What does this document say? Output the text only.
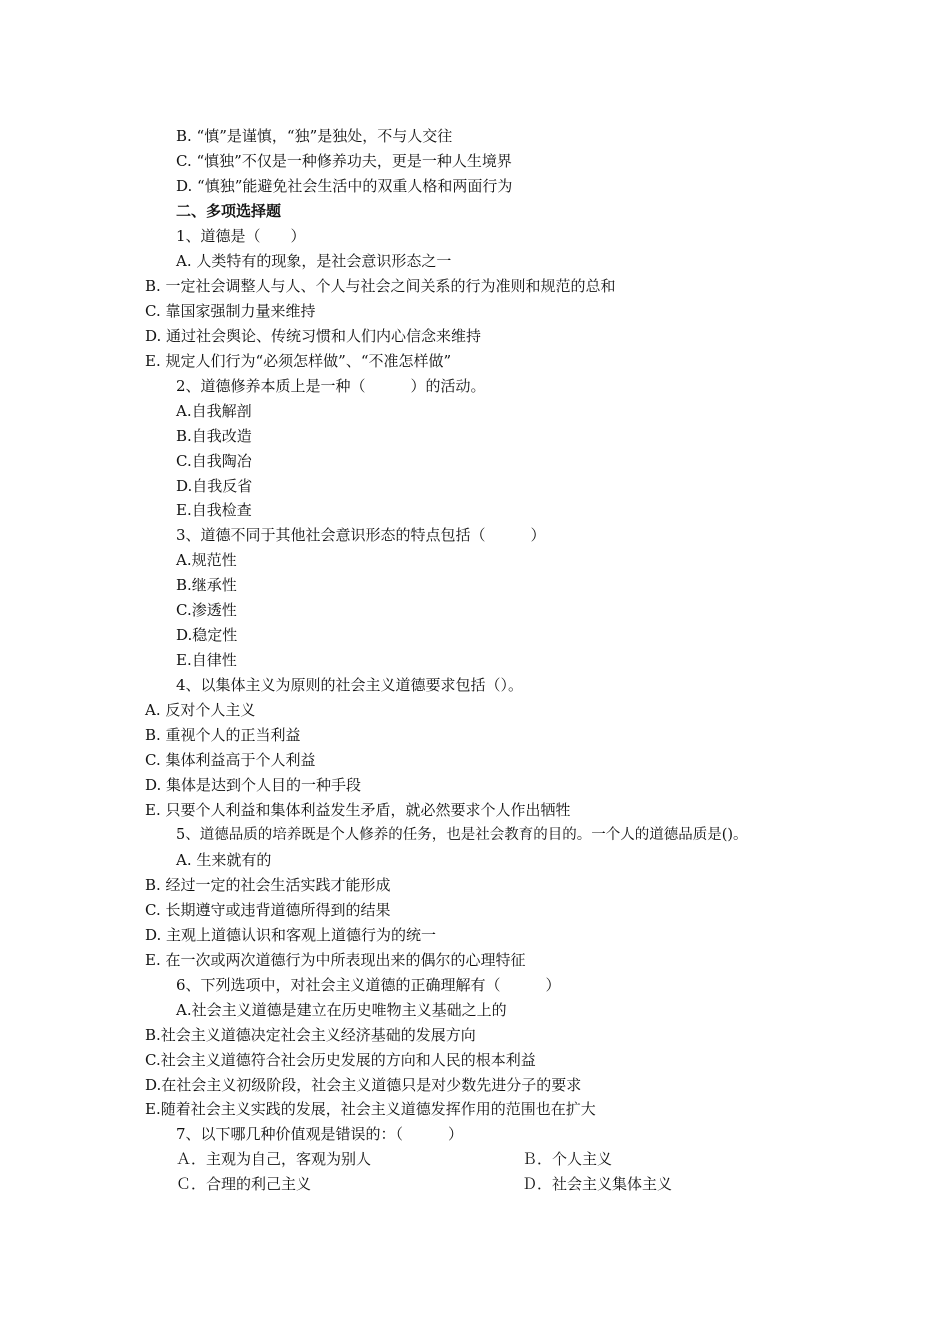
B. “慎”是谨慎，“独”是独处，不与人交往
C. “慎独”不仅是一种修养功夫，更是一种人生境界
D. “慎独”能避免社会生活中的双重人格和两面行为
二、多项选择题
1、道德是（　　）
A. 人类特有的现象，是社会意识形态之一
B. 一定社会调整人与人、个人与社会之间关系的行为准则和规范的总和
C. 靠国家强制力量来维持
D. 通过社会舆论、传统习惯和人们内心信念来维持
E. 规定人们行为“必须怎样做”、“不准怎样做”
2、道德修养本质上是一种（　　　）的活动。
A.自我解剖
B.自我改造
C.自我陶冶
D.自我反省
E.自我检查
3、道德不同于其他社会意识形态的特点包括（　　　）
A.规范性
B.继承性
C.渗透性
D.稳定性
E.自律性
4、以集体主义为原则的社会主义道德要求包括（）。
A. 反对个人主义
B. 重视个人的正当利益
C. 集体利益高于个人利益
D. 集体是达到个人目的一种手段
E. 只要个人利益和集体利益发生矛盾，就必然要求个人作出牺牲
5、道德品质的培养既是个人修养的任务，也是社会教育的目的。一个人的道德品质是()。
A. 生来就有的
B. 经过一定的社会生活实践才能形成
C. 长期遵守或违背道德所得到的结果
D. 主观上道德认识和客观上道德行为的统一
E. 在一次或两次道德行为中所表现出来的偶尔的心理特征
6、下列选项中，对社会主义道德的正确理解有（　　　）
A.社会主义道德是建立在历史唯物主义基础之上的
B.社会主义道德决定社会主义经济基础的发展方向
C.社会主义道德符合社会历史发展的方向和人民的根本利益
D.在社会主义初级阶段，社会主义道德只是对少数先进分子的要求
E.随着社会主义实践的发展，社会主义道德发挥作用的范围也在扩大
7、以下哪几种价值观是错误的：（　　　）
Ａ．主观为自己，客观为别人	Ｂ．个人主义
Ｃ．合理的利己主义	Ｄ．社会主义集体主义
